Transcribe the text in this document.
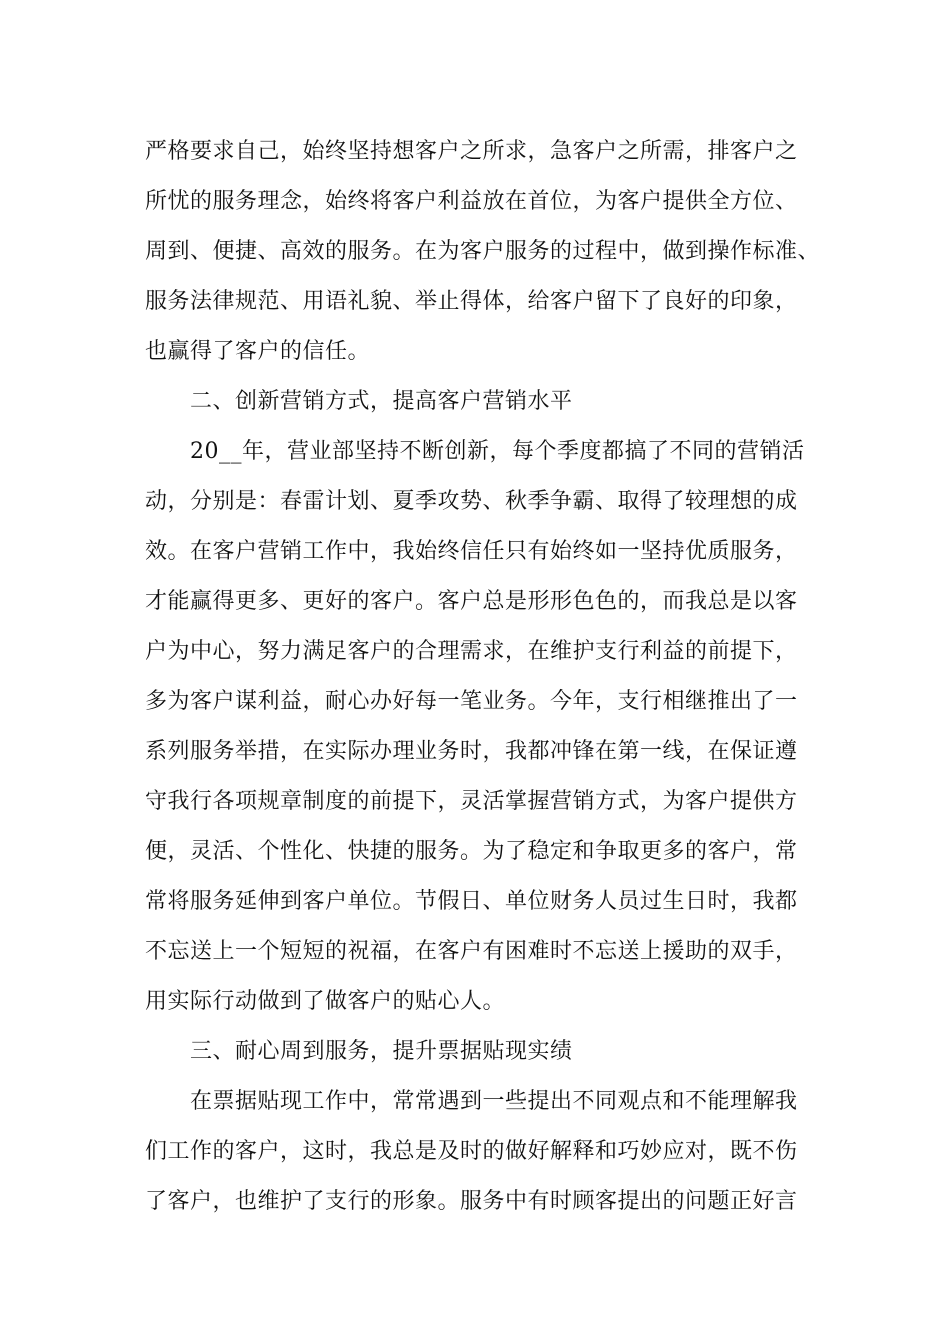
严格要求自己，始终坚持想客户之所求，急客户之所需，排客户之
所忧的服务理念，始终将客户利益放在首位，为客户提供全方位、
周到、便捷、高效的服务。在为客户服务的过程中，做到操作标准、
服务法律规范、用语礼貌、举止得体，给客户留下了良好的印象，
也赢得了客户的信任。
二、创新营销方式，提高客户营销水平
20__年，营业部坚持不断创新，每个季度都搞了不同的营销活
动，分别是：春雷计划、夏季攻势、秋季争霸、取得了较理想的成
效。在客户营销工作中，我始终信任只有始终如一坚持优质服务，
才能赢得更多、更好的客户。客户总是形形色色的，而我总是以客
户为中心，努力满足客户的合理需求，在维护支行利益的前提下，
多为客户谋利益，耐心办好每一笔业务。今年，支行相继推出了一
系列服务举措，在实际办理业务时，我都冲锋在第一线，在保证遵
守我行各项规章制度的前提下，灵活掌握营销方式，为客户提供方
便，灵活、个性化、快捷的服务。为了稳定和争取更多的客户，常
常将服务延伸到客户单位。节假日、单位财务人员过生日时，我都
不忘送上一个短短的祝福，在客户有困难时不忘送上援助的双手，
用实际行动做到了做客户的贴心人。
三、耐心周到服务，提升票据贴现实绩
在票据贴现工作中，常常遇到一些提出不同观点和不能理解我
们工作的客户，这时，我总是及时的做好解释和巧妙应对，既不伤
了客户，也维护了支行的形象。服务中有时顾客提出的问题正好言
